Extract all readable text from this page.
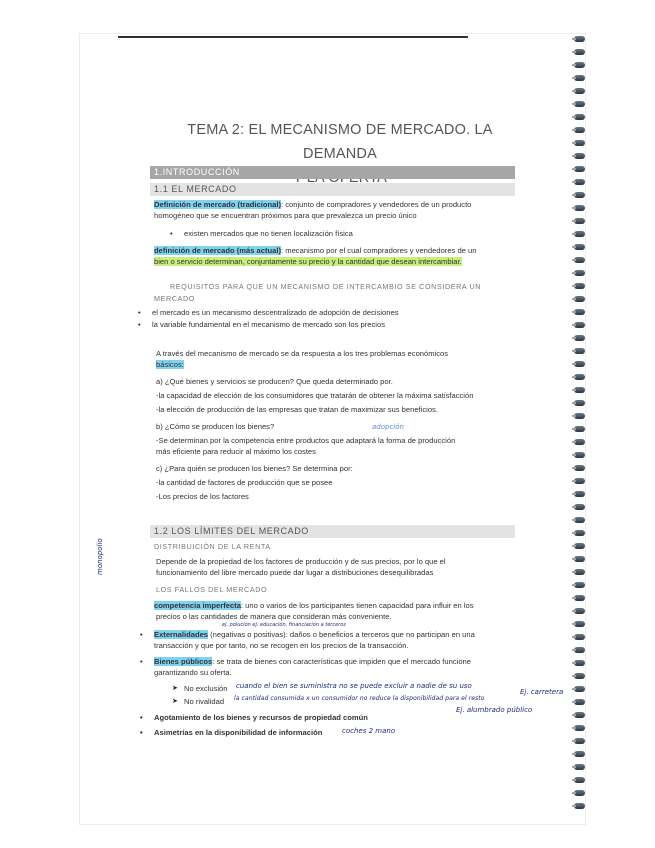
TEMA 2: EL MECANISMO DE MERCADO. LA DEMANDA
1.INTRODUCCIÓN
1.1 EL MERCADO
Definición de mercado (tradicional): conjunto de compradores y vendedores de un producto
homogéneo que se encuentran próximos para que prevalezca un precio único
• existen mercados que no tienen localización física
definición de mercado (más actual): mecanismo por el cual compradores y vendedores de un
bien o servicio determinan, conjuntamente su precio y la cantidad que desean intercambiar.
REQUISITOS PARA QUE UN MECANISMO DE INTERCAMBIO SE CONSIDERA UN
MERCADO
• el mercado es un mecanismo descentralizado de adopción de decisiones
• la variable fundamental en el mecanismo de mercado son los precios
A través del mecanismo de mercado se da respuesta a los tres problemas económicos
básicos:
a) ¿Qué bienes y servicios se producen? Que queda determinado por.
-la capacidad de elección de los consumidores que tratarán de obtener la máxima satisfacción
-la elección de producción de las empresas que tratan de maximizar sus beneficios.
b) ¿Cómo se producen los bienes?	adopción
-Se determinan por la competencia entre productos que adaptará la forma de producción
más eficiente para reducir al máximo los costes
c) ¿Para quién se producen los bienes? Se determina por:
-la cantidad de factores de producción que se posee
-Los precios de los factores
1.2 LOS LÍMITES DEL MERCADO
DISTRIBUICIÓN DE LA RENTA
Depende de la propiedad de los factores de producción y de sus precios, por lo que el
funcionamiento del libre mercado puede dar lugar a distribuciones desequilibradas
LOS FALLOS DEL MERCADO
monopolio
competencia imperfecta: uno o varios de los participantes tienen capacidad para influir en los
precios o las cantidades de manera que consideran más conveniente.
ej. polución ej. educación, financiación a terceros
• Externalidades (negativas o positivas): daños o beneficios a terceros que no participan en una
transacción y que por tanto, no se recogen en los precios de la transacción.
• Bienes públicos: se trata de bienes con características que impiden que el mercado funcione
garantizando su oferta.
➤ No exclusión cuando el bien se suministra no se puede excluir a nadie de su uso
➤ No rivalidad la cantidad consumida x un consumidor no reduce la disponibilidad para el resto
Ej. carretera
Ej. alumbrado público
• Agotamiento de los bienes y recursos de propiedad común
• Asimetrías en la disponibilidad de información	coches 2 mano
